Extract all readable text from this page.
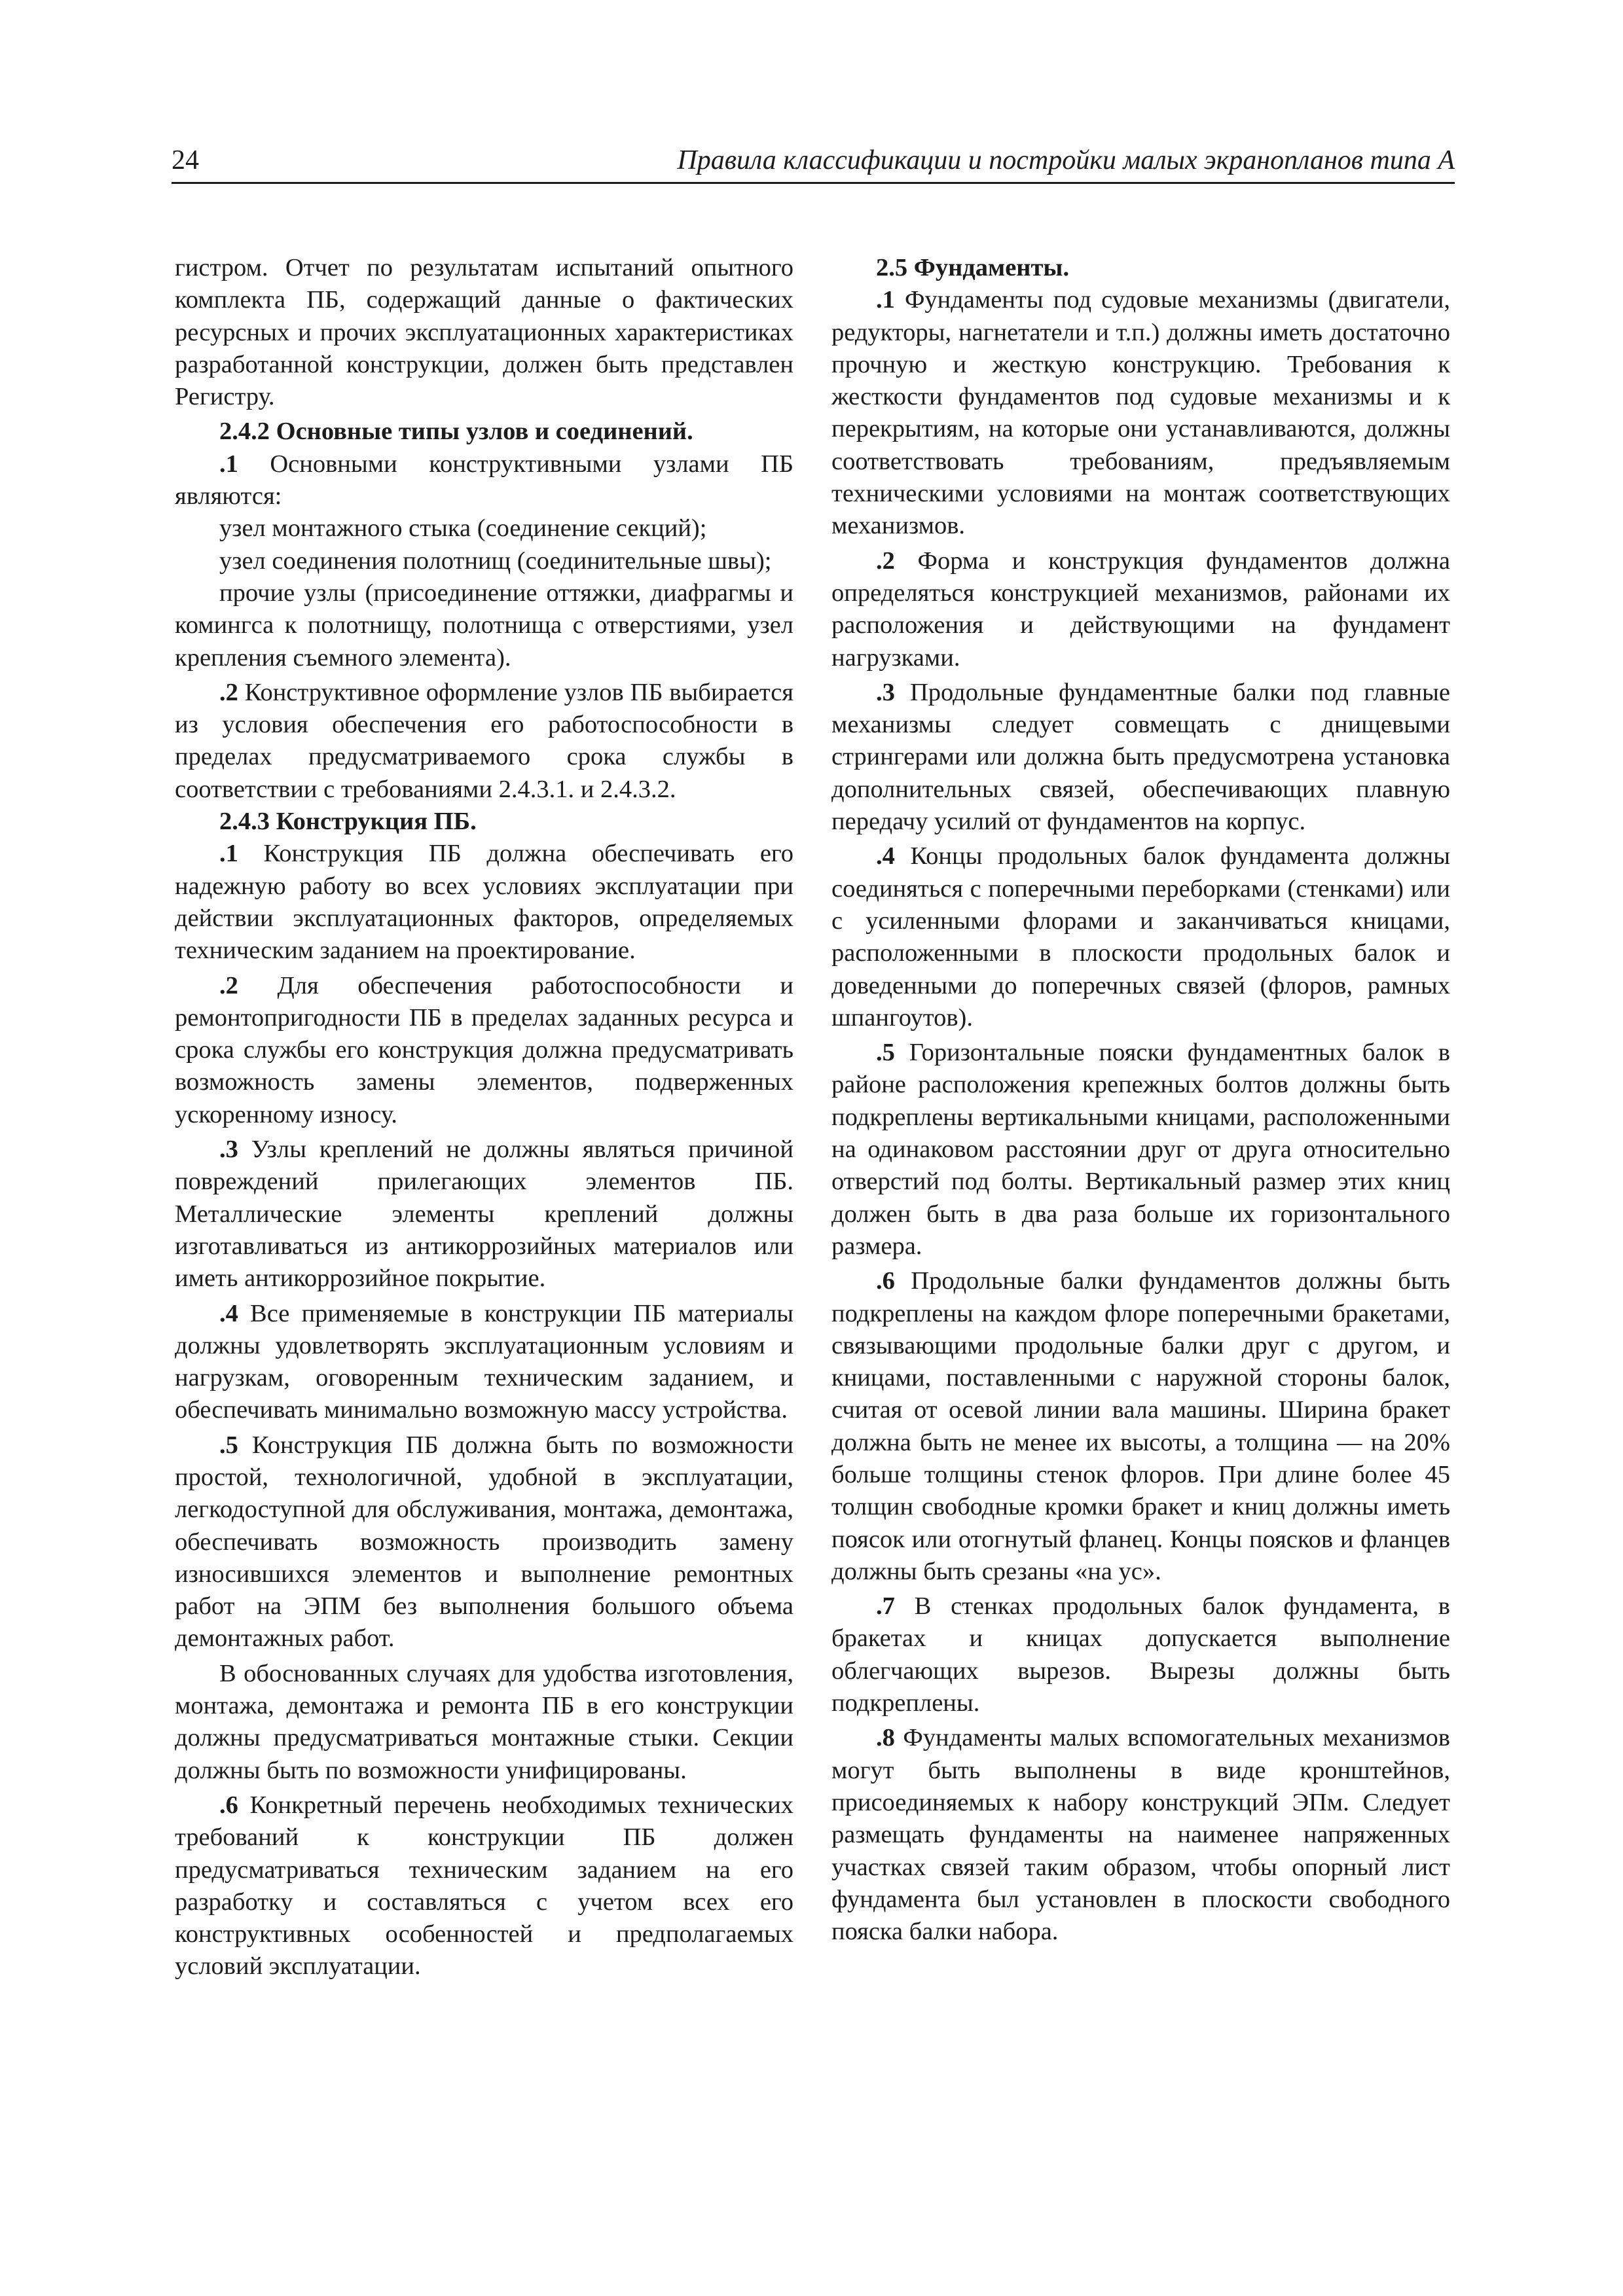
24	Правила классификации и постройки малых экранопланов типа А

гистром. Отчет по результатам испытаний опытного комплекта ПБ, содержащий данные о фактических ресурсных и прочих эксплуатационных характеристиках разработанной конструкции, должен быть представлен Регистру.

2.4.2 Основные типы узлов и соединений.

.1 Основными конструктивными узлами ПБ являются:

узел монтажного стыка (соединение секций);

узел соединения полотнищ (соединительные швы);

прочие узлы (присоединение оттяжки, диафрагмы и комингса к полотнищу, полотнища с отверстиями, узел крепления съемного элемента).

.2 Конструктивное оформление узлов ПБ выбирается из условия обеспечения его работоспособности в пределах предусматриваемого срока службы в соответствии с требованиями 2.4.3.1. и 2.4.3.2.

2.4.3 Конструкция ПБ.

.1 Конструкция ПБ должна обеспечивать его надежную работу во всех условиях эксплуатации при действии эксплуатационных факторов, определяемых техническим заданием на проектирование.

.2 Для обеспечения работоспособности и ремонтопригодности ПБ в пределах заданных ресурса и срока службы его конструкция должна предусматривать возможность замены элементов, подверженных ускоренному износу.

.3 Узлы креплений не должны являться причиной повреждений прилегающих элементов ПБ. Металлические элементы креплений должны изготавливаться из антикоррозийных материалов или иметь антикоррозийное покрытие.

.4 Все применяемые в конструкции ПБ материалы должны удовлетворять эксплуатационным условиям и нагрузкам, оговоренным техническим заданием, и обеспечивать минимально возможную массу устройства.

.5 Конструкция ПБ должна быть по возможности простой, технологичной, удобной в эксплуатации, легкодоступной для обслуживания, монтажа, демонтажа, обеспечивать возможность производить замену износившихся элементов и выполнение ремонтных работ на ЭПМ без выполнения большого объема демонтажных работ.

В обоснованных случаях для удобства изготовления, монтажа, демонтажа и ремонта ПБ в его конструкции должны предусматриваться монтажные стыки. Секции должны быть по возможности унифицированы.

.6 Конкретный перечень необходимых технических требований к конструкции ПБ должен предусматриваться техническим заданием на его разработку и составляться с учетом всех его конструктивных особенностей и предполагаемых условий эксплуатации.

2.5 Фундаменты.

.1 Фундаменты под судовые механизмы (двигатели, редукторы, нагнетатели и т.п.) должны иметь достаточно прочную и жесткую конструкцию. Требования к жесткости фундаментов под судовые механизмы и к перекрытиям, на которые они устанавливаются, должны соответствовать требованиям, предъявляемым техническими условиями на монтаж соответствующих механизмов.

.2 Форма и конструкция фундаментов должна определяться конструкцией механизмов, районами их расположения и действующими на фундамент нагрузками.

.3 Продольные фундаментные балки под главные механизмы следует совмещать с днищевыми стрингерами или должна быть предусмотрена установка дополнительных связей, обеспечивающих плавную передачу усилий от фундаментов на корпус.

.4 Концы продольных балок фундамента должны соединяться с поперечными переборками (стенками) или с усиленными флорами и заканчиваться кницами, расположенными в плоскости продольных балок и доведенными до поперечных связей (флоров, рамных шпангоутов).

.5 Горизонтальные пояски фундаментных балок в районе расположения крепежных болтов должны быть подкреплены вертикальными кницами, расположенными на одинаковом расстоянии друг от друга относительно отверстий под болты. Вертикальный размер этих книц должен быть в два раза больше их горизонтального размера.

.6 Продольные балки фундаментов должны быть подкреплены на каждом флоре поперечными бракетами, связывающими продольные балки друг с другом, и кницами, поставленными с наружной стороны балок, считая от осевой линии вала машины. Ширина бракет должна быть не менее их высоты, а толщина — на 20% больше толщины стенок флоров. При длине более 45 толщин свободные кромки бракет и книц должны иметь поясок или отогнутый фланец. Концы поясков и фланцев должны быть срезаны «на ус».

.7 В стенках продольных балок фундамента, в бракетах и кницах допускается выполнение облегчающих вырезов. Вырезы должны быть подкреплены.

.8 Фундаменты малых вспомогательных механизмов могут быть выполнены в виде кронштейнов, присоединяемых к набору конструкций ЭПм. Следует размещать фундаменты на наименее напряженных участках связей таким образом, чтобы опорный лист фундамента был установлен в плоскости свободного пояска балки набора.
